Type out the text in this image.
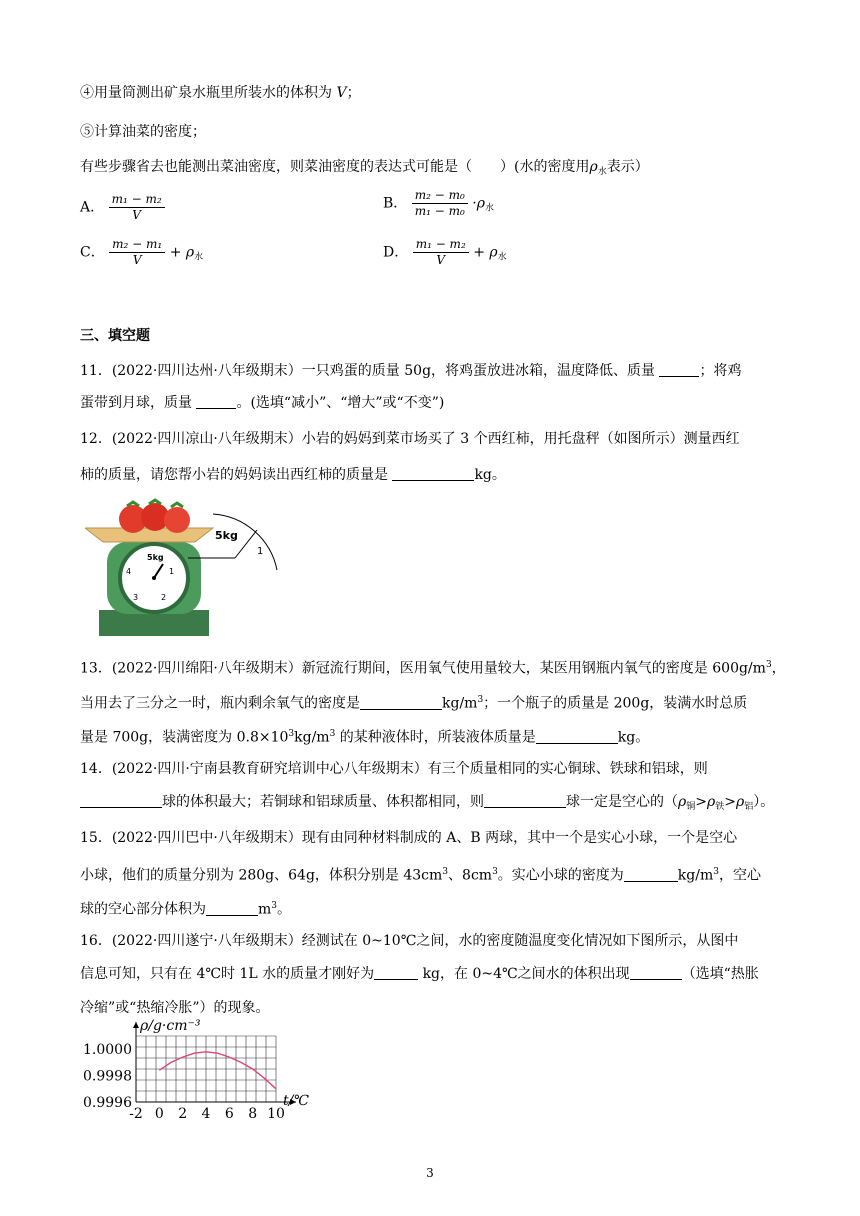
④用量筒测出矿泉水瓶里所装水的体积为 V；
⑤计算油菜的密度；
有些步骤省去也能测出菜油密度，则菜油密度的表达式可能是（　　）(水的密度用$\rho_水$表示）
A． $\frac{\text{m₁ − m₂}}{V}$	B． $\frac{\text{m₂ − m₀}}{\text{m₁ − m₀}} \cdot\rho_水$
C． $\frac{\text{m₂ − m₁}}{V} + \rho_水$	D． $\frac{\text{m₁ − m₂}}{V} + \rho_水$
三、填空题
11．(2022·四川达州·八年级期末）一只鸡蛋的质量 50g，将鸡蛋放进冰箱，温度降低、质量	；将鸡
蛋带到月球，质量	。(选填“减小”、“增大”或“不变”)
12．(2022·四川凉山·八年级期末）小岩的妈妈到菜市场买了 3 个西红柿，用托盘秤（如图所示）测量西红
柿的质量，请您帮小岩的妈妈读出西红柿的质量是	kg。
5kg
1
2
3
4
5kg
1
13．(2022·四川绵阳·八年级期末）新冠流行期间，医用氧气使用量较大，某医用钢瓶内氧气的密度是 $600g/m^3$，
当用去了三分之一时，瓶内剩余氧气的密度是	$kg/m^3$；一个瓶子的质量是 200g，装满水时总质
量是 700g，装满密度为 $0.8\times 10^3kg/m^3$ 的某种液体时，所装液体质量是	kg。
14．(2022·四川·宁南县教育研究培训中心八年级期末）有三个质量相同的实心铜球、铁球和铝球，则
球的体积最大；若铜球和铝球质量、体积都相同，则	球一定是空心的$(\rho_铜>\rho_铁>\rho_铝)$。
15．(2022·四川巴中·八年级期末）现有由同种材料制成的 A、B 两球，其中一个是实心小球，一个是空心
小球，他们的质量分别为 280g、64g，体积分别是 $43cm^3$、$8cm^3$。实心小球的密度为	$kg/m^3$，空心
球的空心部分体积为	$m^3$。
16．(2022·四川遂宁·八年级期末）经测试在 0~10℃之间，水的密度随温度变化情况如下图所示，从图中
信息可知，只有在 4℃时 1L 水的质量才刚好为	kg，在 0~4℃之间水的体积出现	（选填“热胀
冷缩”或“热缩冷胀”）的现象。
-2 0 2 4 6 8 10
1.0000
0.9998
0.9996
ρ/g·cm⁻³
t/℃
3
